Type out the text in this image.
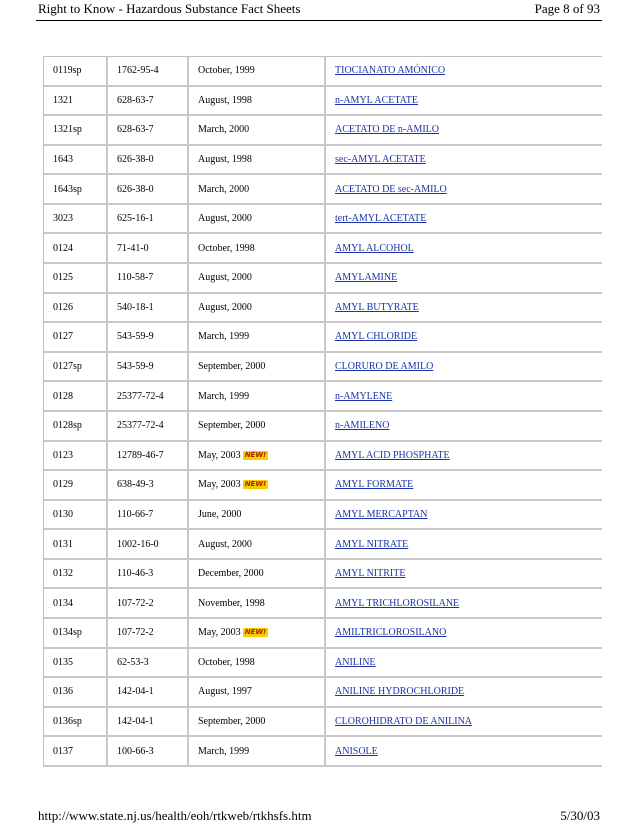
Right to Know - Hazardous Substance Fact Sheets	Page 8 of 93
0119sp	1762-95-4	October, 1999	TIOCIANATO AMÓNICO
1321	628-63-7	August, 1998	n-AMYL ACETATE
1321sp	628-63-7	March, 2000	ACETATO DE n-AMILO
1643	626-38-0	August, 1998	sec-AMYL ACETATE
1643sp	626-38-0	March, 2000	ACETATO DE sec-AMILO
3023	625-16-1	August, 2000	tert-AMYL ACETATE
0124	71-41-0	October, 1998	AMYL ALCOHOL
0125	110-58-7	August, 2000	AMYLAMINE
0126	540-18-1	August, 2000	AMYL BUTYRATE
0127	543-59-9	March, 1999	AMYL CHLORIDE
0127sp	543-59-9	September, 2000	CLORURO DE AMILO
0128	25377-72-4	March, 1999	n-AMYLENE
0128sp	25377-72-4	September, 2000	n-AMILENO
0123	12789-46-7	May, 2003 NEW!	AMYL ACID PHOSPHATE
0129	638-49-3	May, 2003 NEW!	AMYL FORMATE
0130	110-66-7	June, 2000	AMYL MERCAPTAN
0131	1002-16-0	August, 2000	AMYL NITRATE
0132	110-46-3	December, 2000	AMYL NITRITE
0134	107-72-2	November, 1998	AMYL TRICHLOROSILANE
0134sp	107-72-2	May, 2003 NEW!	AMILTRICLOROSILANO
0135	62-53-3	October, 1998	ANILINE
0136	142-04-1	August, 1997	ANILINE HYDROCHLORIDE
0136sp	142-04-1	September, 2000	CLOROHIDRATO DE ANILINA
0137	100-66-3	March, 1999	ANISOLE
http://www.state.nj.us/health/eoh/rtkweb/rtkhsfs.htm	5/30/03
